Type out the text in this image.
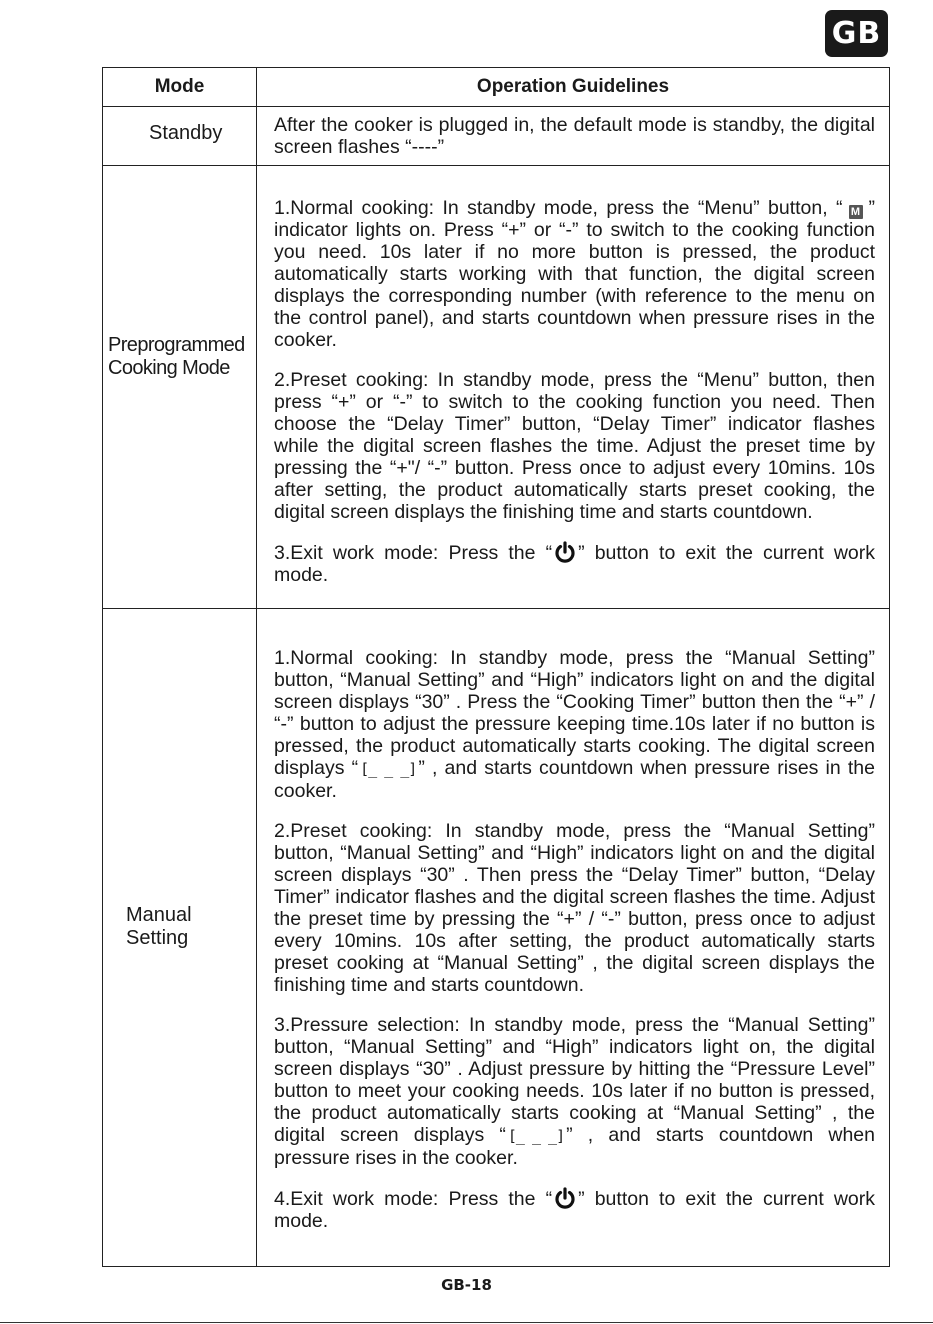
GB
Mode	Operation Guidelines
Standby	After the cooker is plugged in, the default mode is standby, the digital screen flashes “----”

Preprogrammed Cooking Mode	1.Normal cooking: In standby mode, press the “Menu” button, “ M ” indicator lights on. Press “+” or “-” to switch to the cooking function you need. 10s later if no more button is pressed, the product automatically starts working with that function, the digital screen displays the corresponding number (with reference to the menu on the control panel), and starts countdown when pressure rises in the cooker.

2.Preset cooking: In standby mode, press the “Menu” button, then press “+” or “-” to switch to the cooking function you need. Then choose the “Delay Timer” button, “Delay Timer” indicator flashes while the digital screen flashes the time. Adjust the preset time by pressing the “+"/ “-” button. Press once to adjust every 10mins. 10s after setting, the product automatically starts preset cooking, the digital screen displays the finishing time and starts countdown.

3.Exit work mode: Press the “ ” button to exit the current work mode.

Manual Setting	1.Normal cooking: In standby mode, press the “Manual Setting” button, “Manual Setting” and “High” indicators light on and the digital screen displays “30” . Press the “Cooking Timer” button then the “+” / “-” button to adjust the pressure keeping time.10s later if no button is pressed, the product automatically starts cooking. The digital screen displays “ [_ _ _] ” , and starts countdown when pressure rises in the cooker.

2.Preset cooking: In standby mode, press the “Manual Setting” button, “Manual Setting” and “High” indicators light on and the digital screen displays “30” . Then press the “Delay Timer” button, “Delay Timer” indicator flashes and the digital screen flashes the time. Adjust the preset time by pressing the “+” / “-” button, press once to adjust every 10mins. 10s after setting, the product automatically starts preset cooking at “Manual Setting” , the digital screen displays the finishing time and starts countdown.

3.Pressure selection: In standby mode, press the “Manual Setting” button, “Manual Setting” and “High” indicators light on, the digital screen displays “30” . Adjust pressure by hitting the “Pressure Level” button to meet your cooking needs. 10s later if no button is pressed, the product automatically starts cooking at “Manual Setting” , the digital screen displays “ [_ _ _] ” , and starts countdown when pressure rises in the cooker.

4.Exit work mode: Press the “ ” button to exit the current work mode.

GB-18
